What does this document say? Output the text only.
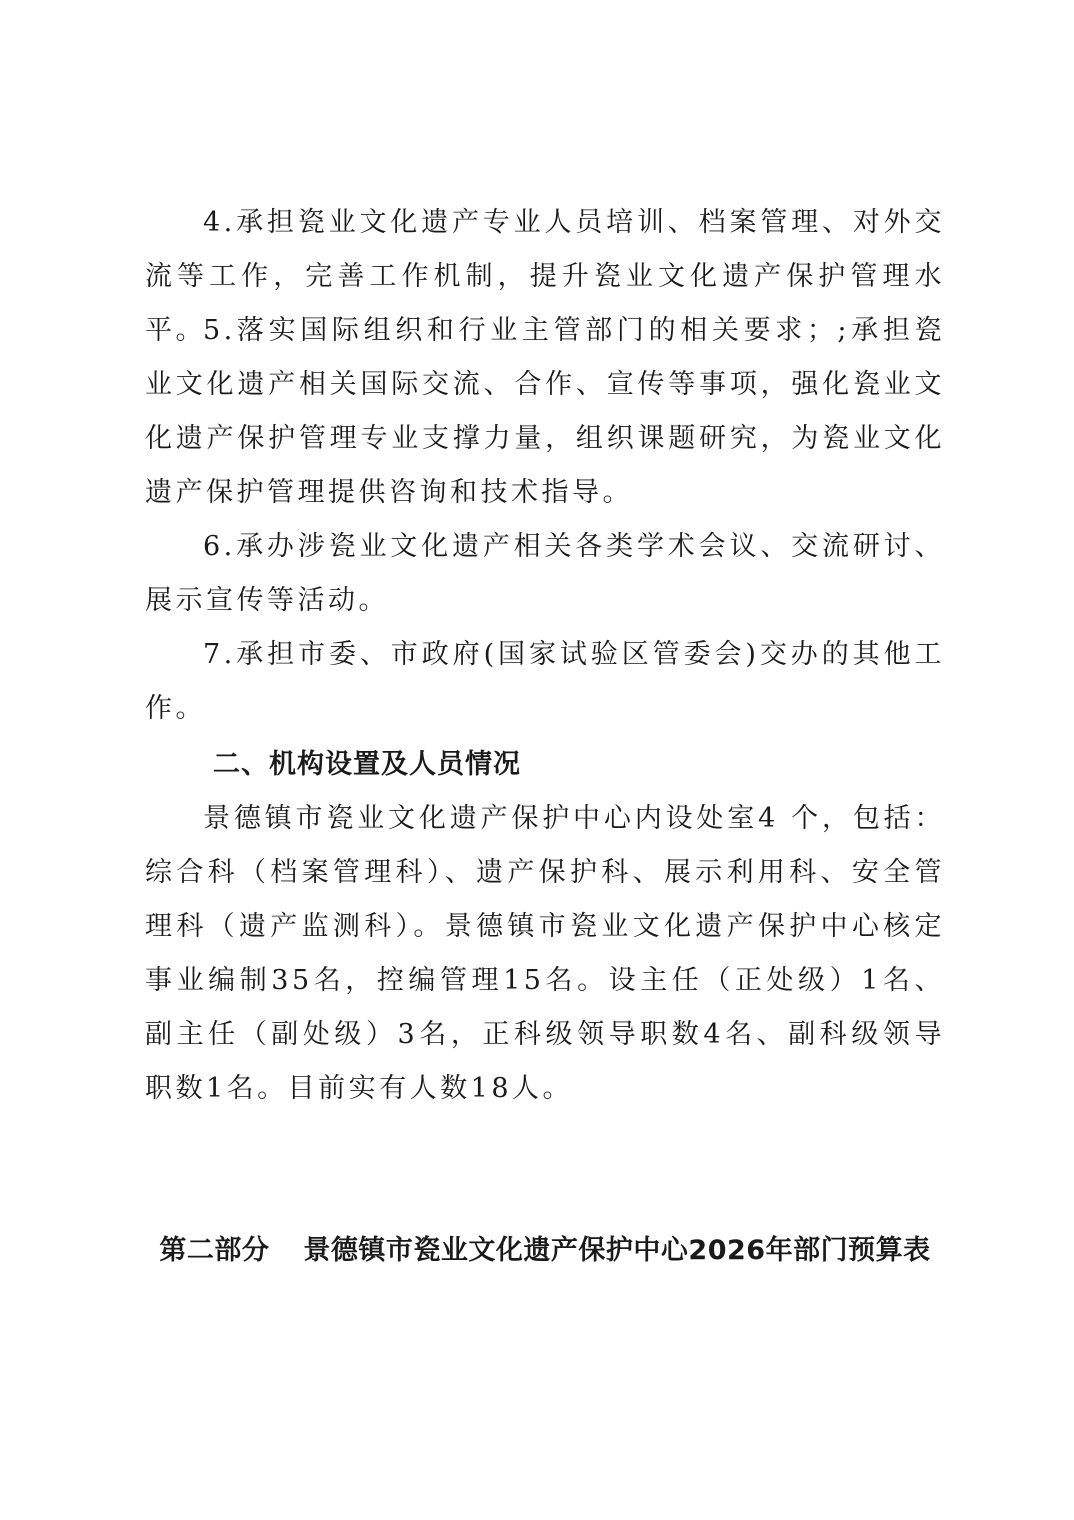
4.承担瓷业文化遗产专业人员培训、档案管理、对外交流等工作，完善工作机制，提升瓷业文化遗产保护管理水平。

5.落实国际组织和行业主管部门的相关要求；;承担瓷业文化遗产相关国际交流、合作、宣传等事项，强化瓷业文化遗产保护管理专业支撑力量，组织课题研究，为瓷业文化遗产保护管理提供咨询和技术指导。

6.承办涉瓷业文化遗产相关各类学术会议、交流研讨、展示宣传等活动。

7.承担市委、市政府(国家试验区管委会)交办的其他工作。

二、机构设置及人员情况

景德镇市瓷业文化遗产保护中心内设处室4 个，包括：综合科（档案管理科）、遗产保护科、展示利用科、安全管理科（遗产监测科）。景德镇市瓷业文化遗产保护中心核定事业编制35名，控编管理15名。设主任（正处级）1名、副主任（副处级）3名，正科级领导职数4名、副科级领导职数1名。目前实有人数18人。

第二部分 景德镇市瓷业文化遗产保护中心2026年部门预算表
